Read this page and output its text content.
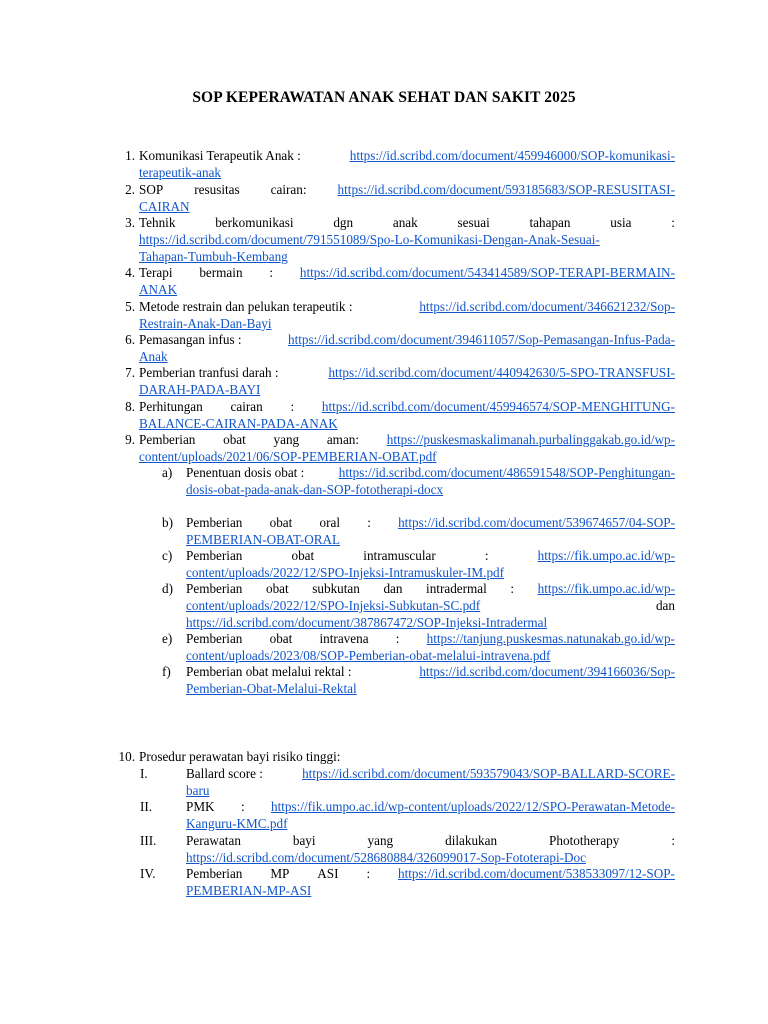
SOP KEPERAWATAN ANAK SEHAT DAN SAKIT 2025
1. Komunikasi Terapeutik Anak :	https://id.scribd.com/document/459946000/SOP-komunikasi-
terapeutik-anak
2. SOP resusitas cairan: https://id.scribd.com/document/593185683/SOP-RESUSITASI-
CAIRAN
3. Tehnik	berkomunikasi	dgn	anak	sesuai	tahapan	usia	:
https://id.scribd.com/document/791551089/Spo-Lo-Komunikasi-Dengan-Anak-Sesuai-
Tahapan-Tumbuh-Kembang
4. Terapi bermain : https://id.scribd.com/document/543414589/SOP-TERAPI-BERMAIN-
ANAK
5. Metode restrain dan pelukan terapeutik :	https://id.scribd.com/document/346621232/Sop-
Restrain-Anak-Dan-Bayi
6. Pemasangan infus :	https://id.scribd.com/document/394611057/Sop-Pemasangan-Infus-Pada-
Anak
7. Pemberian tranfusi darah :	https://id.scribd.com/document/440942630/5-SPO-TRANSFUSI-
DARAH-PADA-BAYI
8. Perhitungan cairan : https://id.scribd.com/document/459946574/SOP-MENGHITUNG-
BALANCE-CAIRAN-PADA-ANAK
9. Pemberian obat yang aman: https://puskesmaskalimanah.purbalinggakab.go.id/wp-
content/uploads/2021/06/SOP-PEMBERIAN-OBAT.pdf
a) Penentuan dosis obat :	https://id.scribd.com/document/486591548/SOP-Penghitungan-
dosis-obat-pada-anak-dan-SOP-fototherapi-docx
b) Pemberian obat oral : https://id.scribd.com/document/539674657/04-SOP-
PEMBERIAN-OBAT-ORAL
c) Pemberian	obat	intramuscular	:	https://fik.umpo.ac.id/wp-
content/uploads/2022/12/SPO-Injeksi-Intramuskuler-IM.pdf
d) Pemberian obat subkutan dan intradermal : https://fik.umpo.ac.id/wp-
content/uploads/2022/12/SPO-Injeksi-Subkutan-SC.pdf	dan
https://id.scribd.com/document/387867472/SOP-Injeksi-Intradermal
e) Pemberian obat intravena : https://tanjung.puskesmas.natunakab.go.id/wp-
content/uploads/2023/08/SOP-Pemberian-obat-melalui-intravena.pdf
f) Pemberian obat melalui rektal :	https://id.scribd.com/document/394166036/Sop-
Pemberian-Obat-Melalui-Rektal
10. Prosedur perawatan bayi risiko tinggi:
I.	Ballard score :	https://id.scribd.com/document/593579043/SOP-BALLARD-SCORE-
baru
II.	PMK : https://fik.umpo.ac.id/wp-content/uploads/2022/12/SPO-Perawatan-Metode-
Kanguru-KMC.pdf
III. Perawatan	bayi	yang	dilakukan	Phototherapy	:
https://id.scribd.com/document/528680884/326099017-Sop-Fototerapi-Doc
IV. Pemberian MP ASI : https://id.scribd.com/document/538533097/12-SOP-
PEMBERIAN-MP-ASI
